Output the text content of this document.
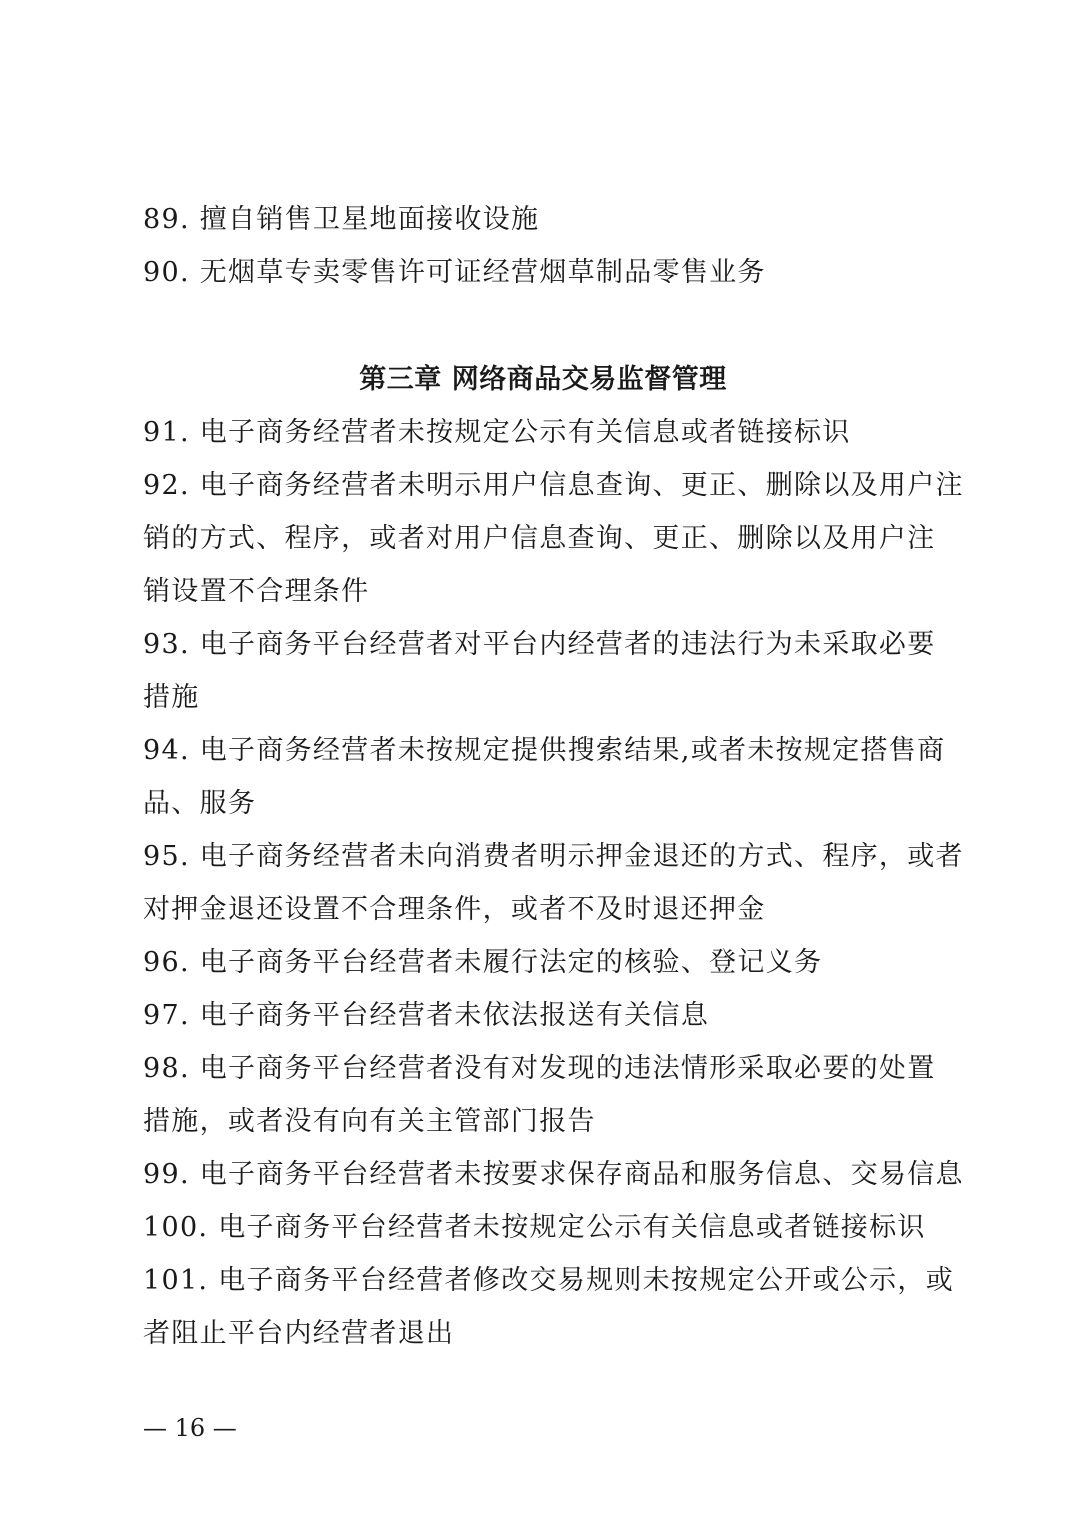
89. 擅自销售卫星地面接收设施
90. 无烟草专卖零售许可证经营烟草制品零售业务
第三章 网络商品交易监督管理
91. 电子商务经营者未按规定公示有关信息或者链接标识
92. 电子商务经营者未明示用户信息查询、更正、删除以及用户注
销的方式、程序，或者对用户信息查询、更正、删除以及用户注
销设置不合理条件
93. 电子商务平台经营者对平台内经营者的违法行为未采取必要
措施
94. 电子商务经营者未按规定提供搜索结果,或者未按规定搭售商
品、服务
95. 电子商务经营者未向消费者明示押金退还的方式、程序，或者
对押金退还设置不合理条件，或者不及时退还押金
96. 电子商务平台经营者未履行法定的核验、登记义务
97. 电子商务平台经营者未依法报送有关信息
98. 电子商务平台经营者没有对发现的违法情形采取必要的处置
措施，或者没有向有关主管部门报告
99. 电子商务平台经营者未按要求保存商品和服务信息、交易信息
100. 电子商务平台经营者未按规定公示有关信息或者链接标识
101. 电子商务平台经营者修改交易规则未按规定公开或公示，或
者阻止平台内经营者退出
— 16 —
